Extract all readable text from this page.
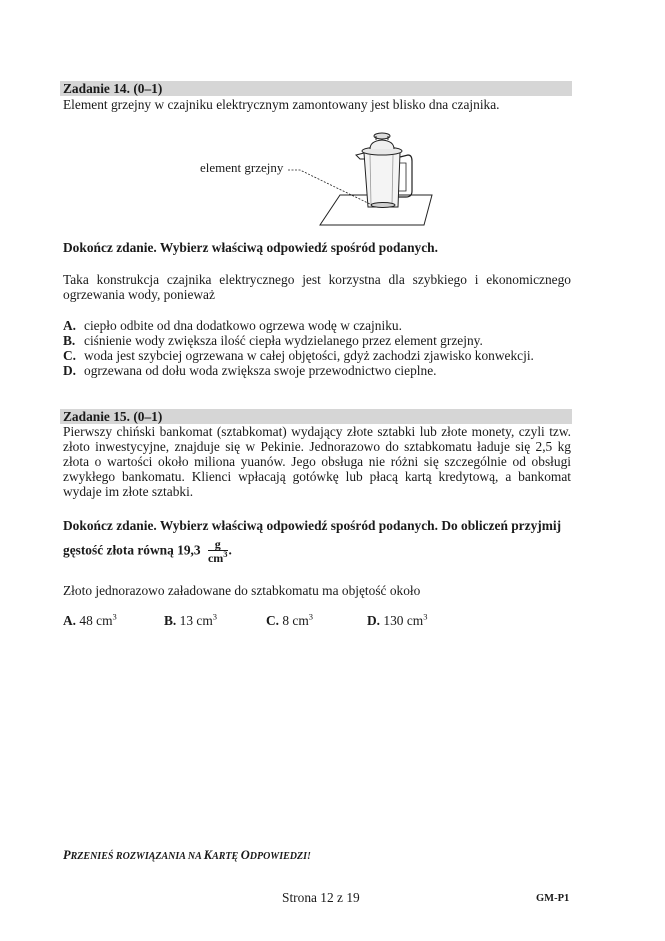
Zadanie 14. (0–1)
Element grzejny w czajniku elektrycznym zamontowany jest blisko dna czajnika.
element grzejny
Dokończ zdanie. Wybierz właściwą odpowiedź spośród podanych.
Taka konstrukcja czajnika elektrycznego jest korzystna dla szybkiego i ekonomicznego ogrzewania wody, ponieważ
A. ciepło odbite od dna dodatkowo ogrzewa wodę w czajniku.
B. ciśnienie wody zwiększa ilość ciepła wydzielanego przez element grzejny.
C. woda jest szybciej ogrzewana w całej objętości, gdyż zachodzi zjawisko konwekcji.
D. ogrzewana od dołu woda zwiększa swoje przewodnictwo cieplne.
Zadanie 15. (0–1)
Pierwszy chiński bankomat (sztabkomat) wydający złote sztabki lub złote monety, czyli tzw. złoto inwestycyjne, znajduje się w Pekinie. Jednorazowo do sztabkomatu ładuje się 2,5 kg złota o wartości około miliona yuanów. Jego obsługa nie różni się szczególnie od obsługi zwykłego bankomatu. Klienci wpłacają gotówkę lub płacą kartą kredytową, a bankomat wydaje im złote sztabki.
Dokończ zdanie. Wybierz właściwą odpowiedź spośród podanych. Do obliczeń przyjmij
gęstość złota równą $19,3 \frac{g}{cm^3}$ .
Złoto jednorazowo załadowane do sztabkomatu ma objętość około
A. 48 $cm^3$	B. 13 $cm^3$	C. 8 $cm^3$	D. 130 $cm^3$
PRZENIEŚ ROZWIĄZANIA NA KARTĘ ODPOWIEDZI!
Strona 12 z 19	GM-P1
